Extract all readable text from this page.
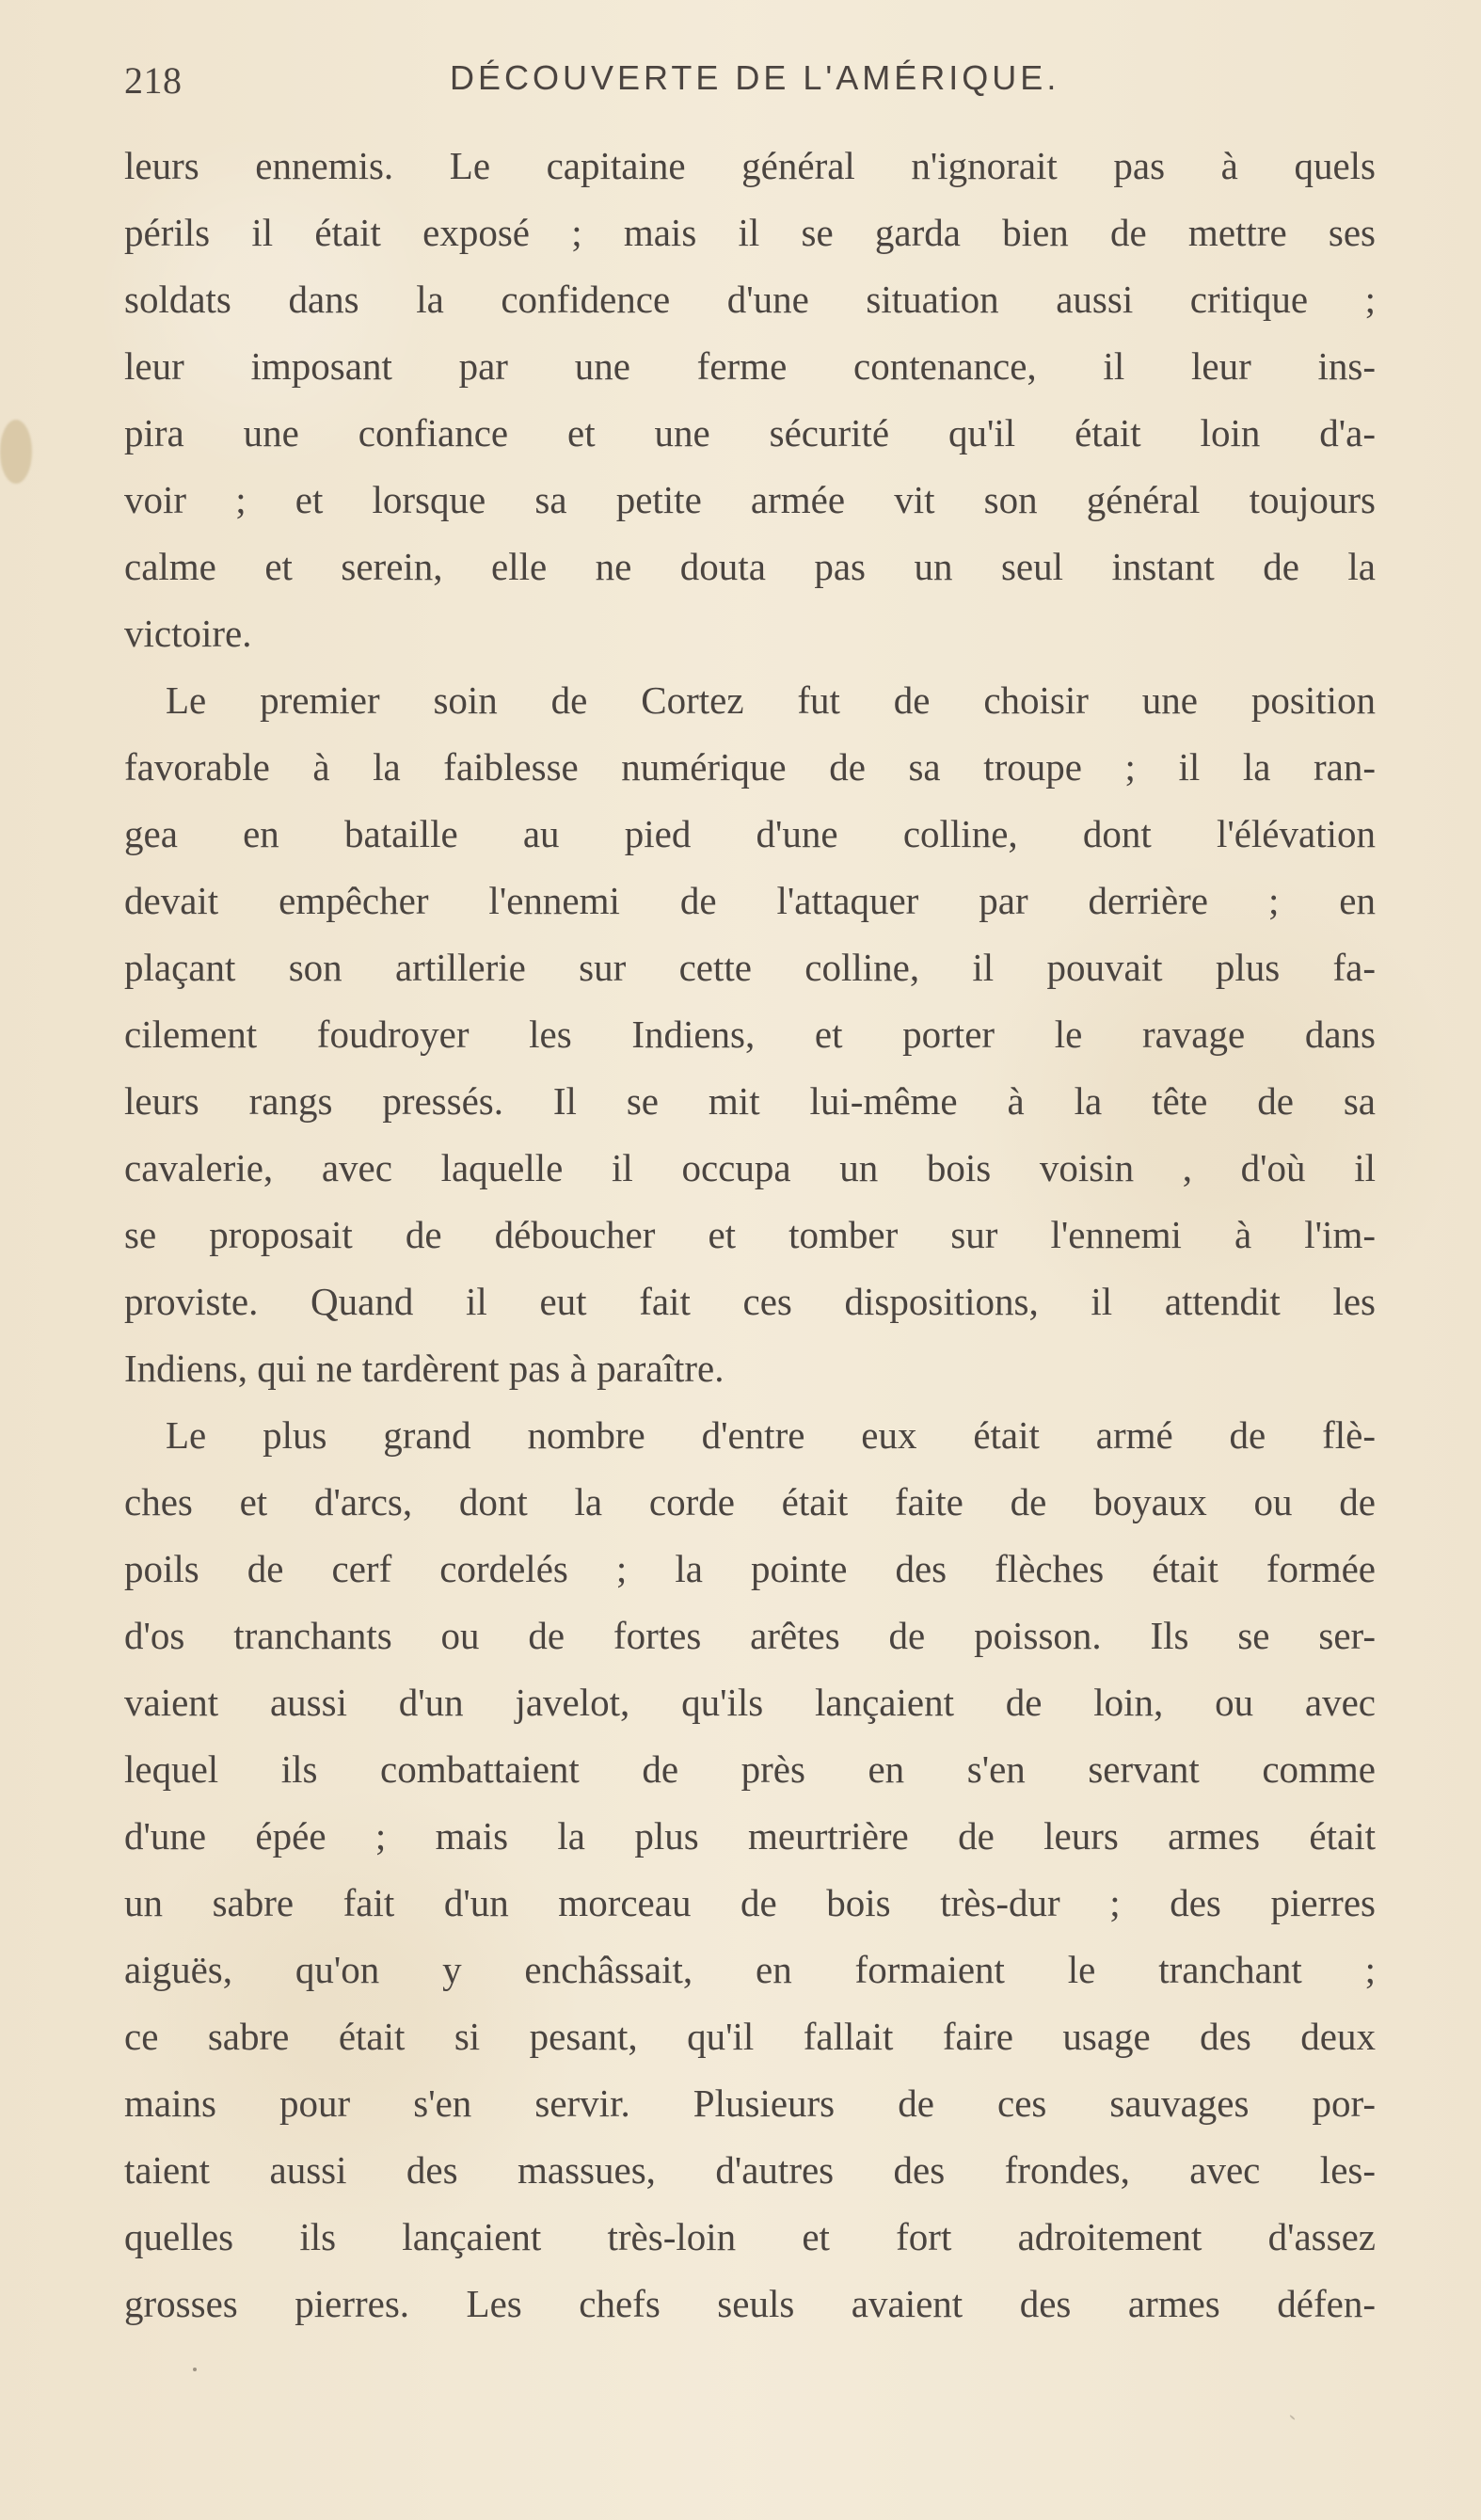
218	DÉCOUVERTE DE L'AMÉRIQUE.
leurs ennemis. Le capitaine général n'ignorait pas à quels
périls il était exposé ; mais il se garda bien de mettre ses
soldats dans la confidence d'une situation aussi critique ;
leur imposant par une ferme contenance, il leur ins-
pira une confiance et une sécurité qu'il était loin d'a-
voir ; et lorsque sa petite armée vit son général toujours
calme et serein, elle ne douta pas un seul instant de la
victoire.
Le premier soin de Cortez fut de choisir une position
favorable à la faiblesse numérique de sa troupe ; il la ran-
gea en bataille au pied d'une colline, dont l'élévation
devait empêcher l'ennemi de l'attaquer par derrière ; en
plaçant son artillerie sur cette colline, il pouvait plus fa-
cilement foudroyer les Indiens, et porter le ravage dans
leurs rangs pressés. Il se mit lui-même à la tête de sa
cavalerie, avec laquelle il occupa un bois voisin , d'où il
se proposait de déboucher et tomber sur l'ennemi à l'im-
proviste. Quand il eut fait ces dispositions, il attendit les
Indiens, qui ne tardèrent pas à paraître.
Le plus grand nombre d'entre eux était armé de flè-
ches et d'arcs, dont la corde était faite de boyaux ou de
poils de cerf cordelés ; la pointe des flèches était formée
d'os tranchants ou de fortes arêtes de poisson. Ils se ser-
vaient aussi d'un javelot, qu'ils lançaient de loin, ou avec
lequel ils combattaient de près en s'en servant comme
d'une épée ; mais la plus meurtrière de leurs armes était
un sabre fait d'un morceau de bois très-dur ; des pierres
aiguës, qu'on y enchâssait, en formaient le tranchant ;
ce sabre était si pesant, qu'il fallait faire usage des deux
mains pour s'en servir. Plusieurs de ces sauvages por-
taient aussi des massues, d'autres des frondes, avec les-
quelles ils lançaient très-loin et fort adroitement d'assez
grosses pierres. Les chefs seuls avaient des armes défen-
